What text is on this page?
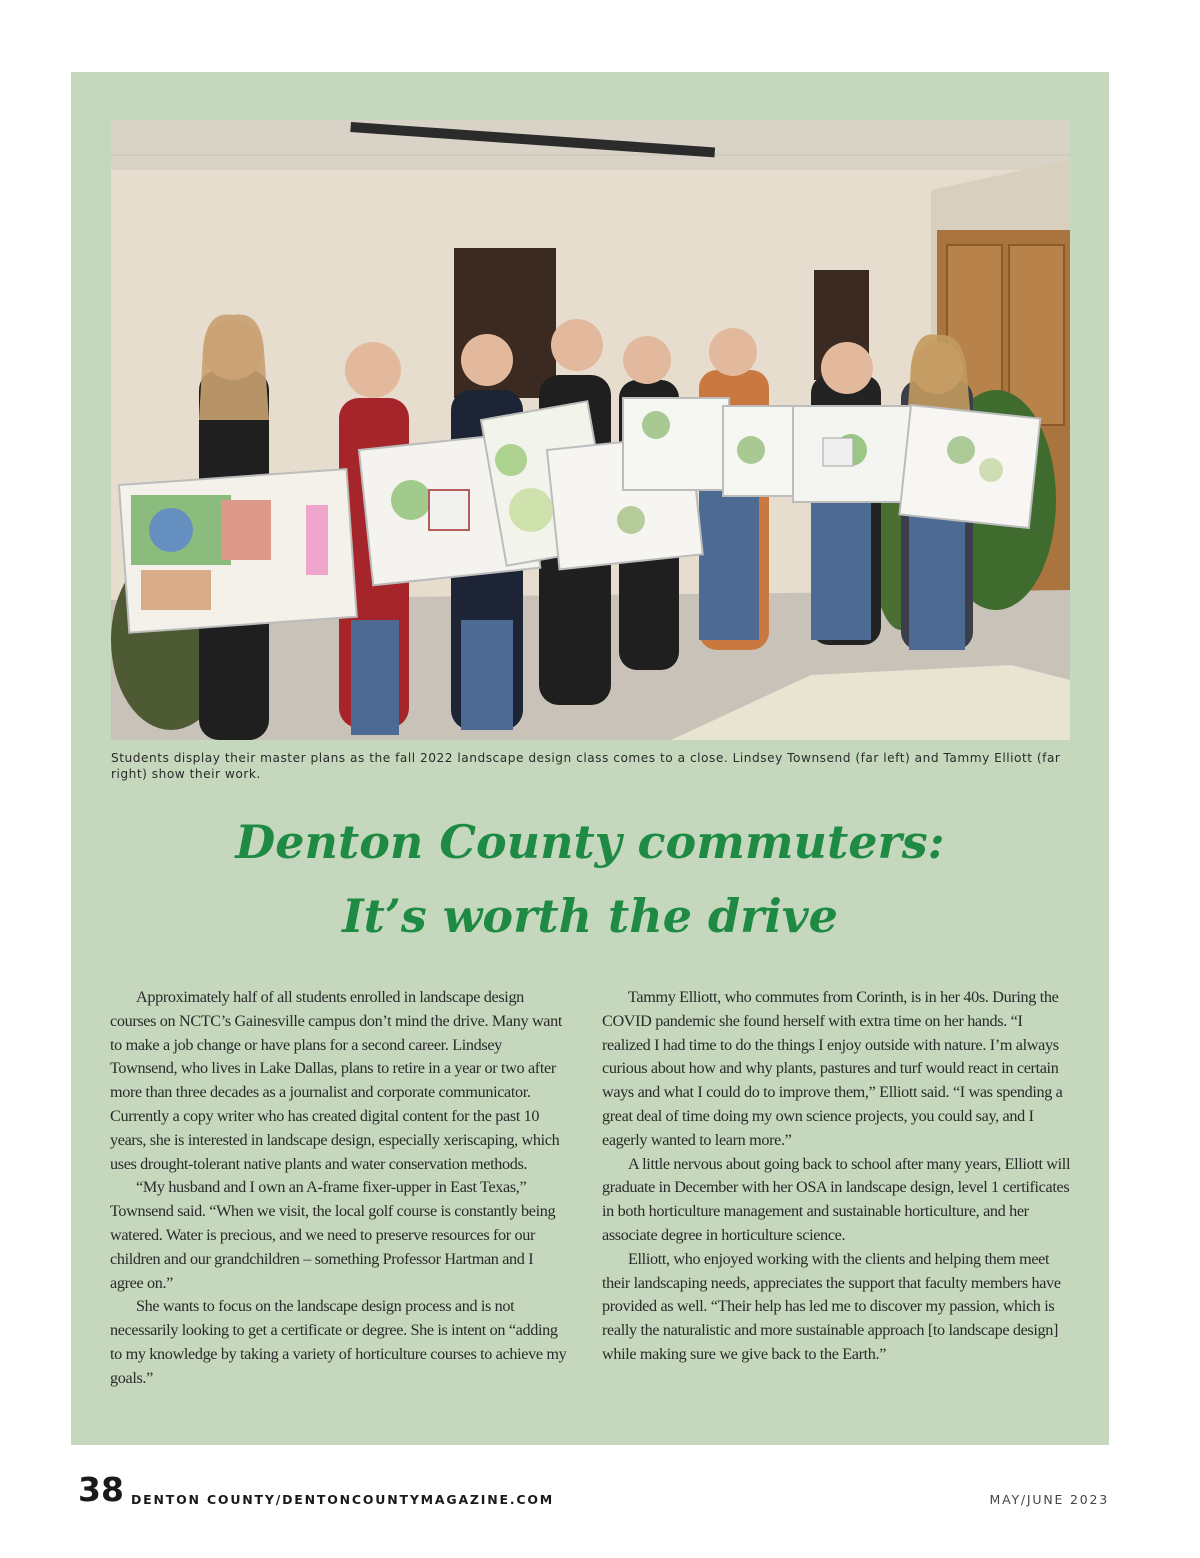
Students display their master plans as the fall 2022 landscape design class comes to a close. Lindsey Townsend (far left) and Tammy Elliott (far right) show their work.
Denton County commuters:
It’s worth the drive

Approximately half of all students enrolled in landscape design courses on NCTC’s Gainesville campus don’t mind the drive. Many want to make a job change or have plans for a second career. Lindsey Townsend, who lives in Lake Dallas, plans to retire in a year or two after more than three decades as a journalist and corporate communicator. Currently a copy writer who has created digital content for the past 10 years, she is interested in landscape design, especially xeriscaping, which uses drought-tolerant native plants and water conservation methods.

“My husband and I own an A-frame fixer-upper in East Texas,” Townsend said. “When we visit, the local golf course is constantly being watered. Water is precious, and we need to preserve resources for our children and our grandchildren – something Professor Hartman and I agree on.”

She wants to focus on the landscape design process and is not necessarily looking to get a certificate or degree. She is intent on “adding to my knowledge by taking a variety of horticulture courses to achieve my goals.”

Tammy Elliott, who commutes from Corinth, is in her 40s. During the COVID pandemic she found herself with extra time on her hands. “I realized I had time to do the things I enjoy outside with nature. I’m always curious about how and why plants, pastures and turf would react in certain ways and what I could do to improve them,” Elliott said. “I was spending a great deal of time doing my own science projects, you could say, and I eagerly wanted to learn more.”

A little nervous about going back to school after many years, Elliott will graduate in December with her OSA in landscape design, level 1 certificates in both horticulture management and sustainable horticulture, and her associate degree in horticulture science.

Elliott, who enjoyed working with the clients and helping them meet their landscaping needs, appreciates the support that faculty members have provided as well. “Their help has led me to discover my passion, which is really the naturalistic and more sustainable approach [to landscape design] while making sure we give back to the Earth.”

38 DENTON COUNTY/DENTONCOUNTYMAGAZINE.COM	MAY/JUNE 2023
